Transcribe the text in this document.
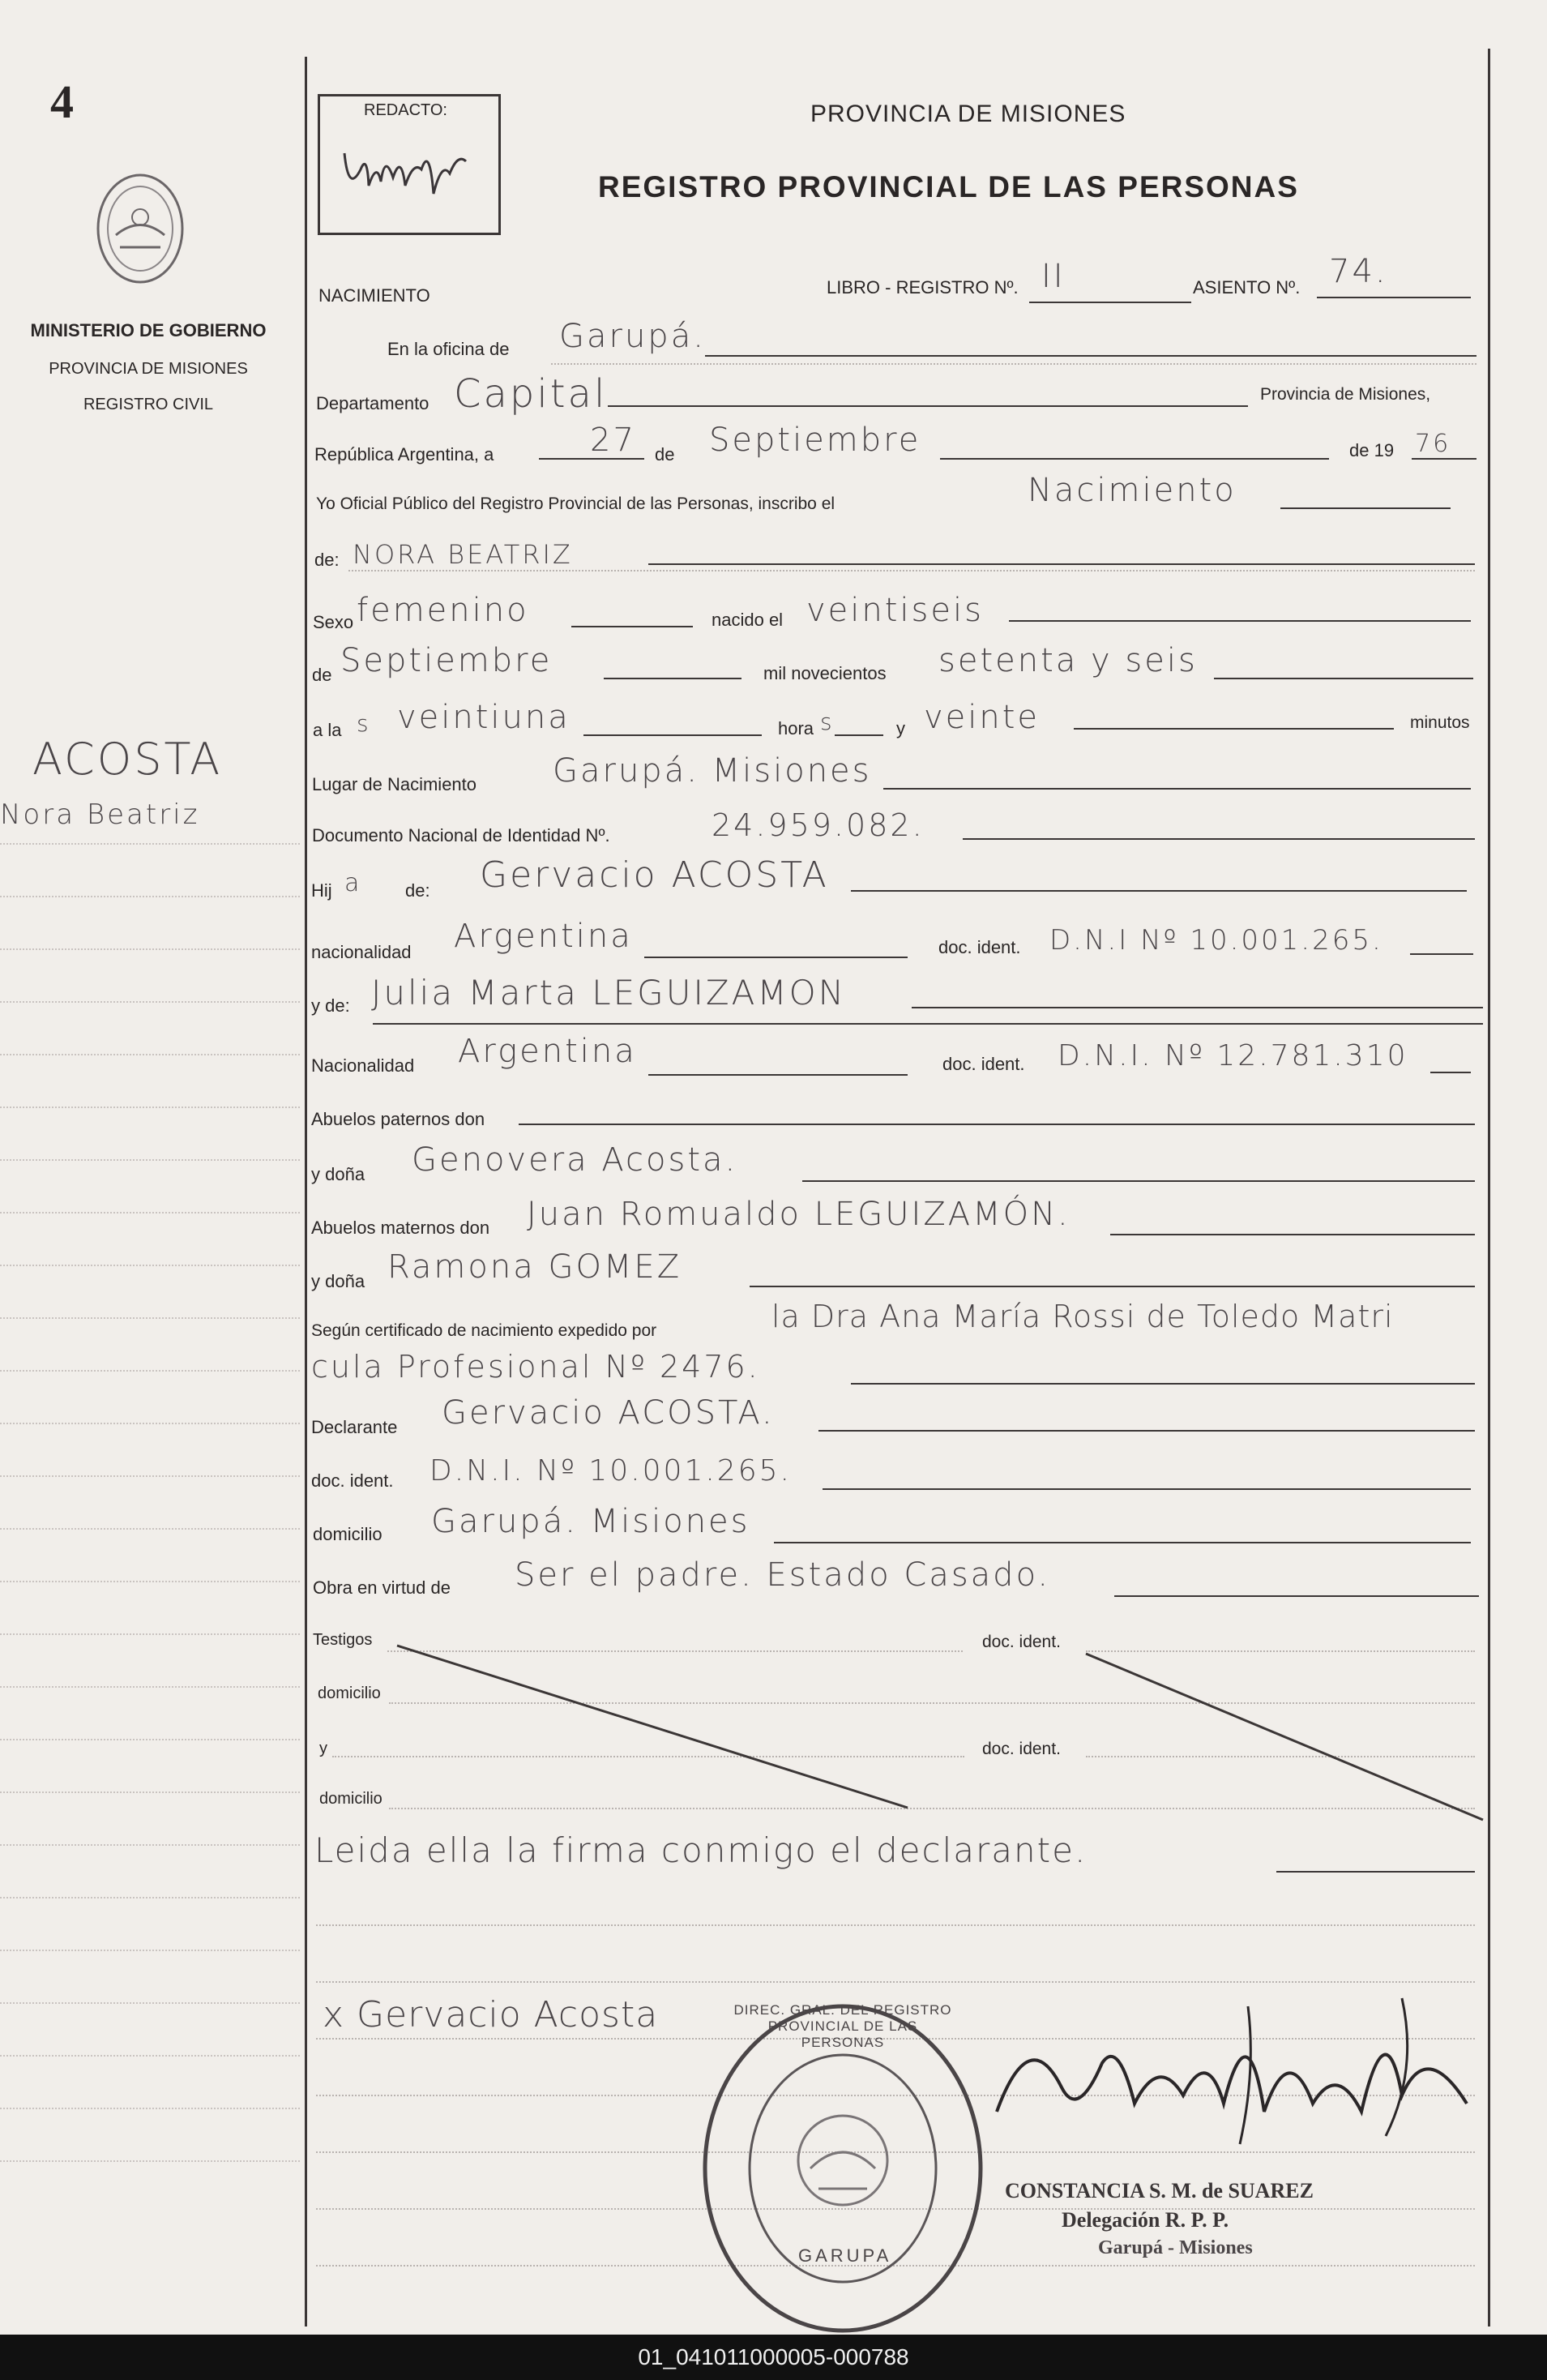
4
MINISTERIO DE GOBIERNO
PROVINCIA DE MISIONES
REGISTRO CIVIL
ACOSTA
Nora Beatriz
REDACTO:	PROVINCIA DE MISIONES
REGISTRO PROVINCIAL DE LAS PERSONAS
NACIMIENTO	LIBRO - REGISTRO Nº. II	ASIENTO Nº. 74.
En la oficina de Garupá.
Departamento Capital	Provincia de Misiones,
República Argentina, a	27 de Septiembre	de 19 76
Yo Oficial Público del Registro Provincial de las Personas, inscribo el	Nacimiento
de: NORA BEATRIZ
Sexo femenino	nacido el veintiseis
de Septiembre	mil novecientos setenta y seis
a la s veintiuna	hora s	y veinte	minutos
Lugar de Nacimiento Garupá. Misiones
Documento Nacional de Identidad Nº.	24.959.082.
Hij a de: Gervacio ACOSTA
nacionalidad Argentina	doc. ident. D.N.I Nº 10.001.265.
y de: Julia Marta LEGUIZAMON
Nacionalidad Argentina	doc. ident. D.N.I. Nº 12.781.310
Abuelos paternos don
y doña Genovera Acosta.
Abuelos maternos don Juan Romualdo LEGUIZAMÓN.
y doña Ramona GOMEZ
Según certificado de nacimiento expedido por	la Dra Ana María Rossi de Toledo Matri
cula Profesional Nº 2476.
Declarante Gervacio ACOSTA.
doc. ident. D.N.I. Nº 10.001.265.
domicilio Garupá. Misiones
Obra en virtud de Ser el padre. Estado Casado.
Testigos	doc. ident.
domicilio
y	doc. ident.
domicilio
Leida ella la firma conmigo el declarante.
x Gervacio Acosta	DIREC. GRAL. DEL REGISTRO PROVINCIAL DE LAS PERSONAS
GARUPA
CONSTANCIA S. M. de SUAREZ
Delegación R. P. P.
Garupá - Misiones
01_041011000005-000788
